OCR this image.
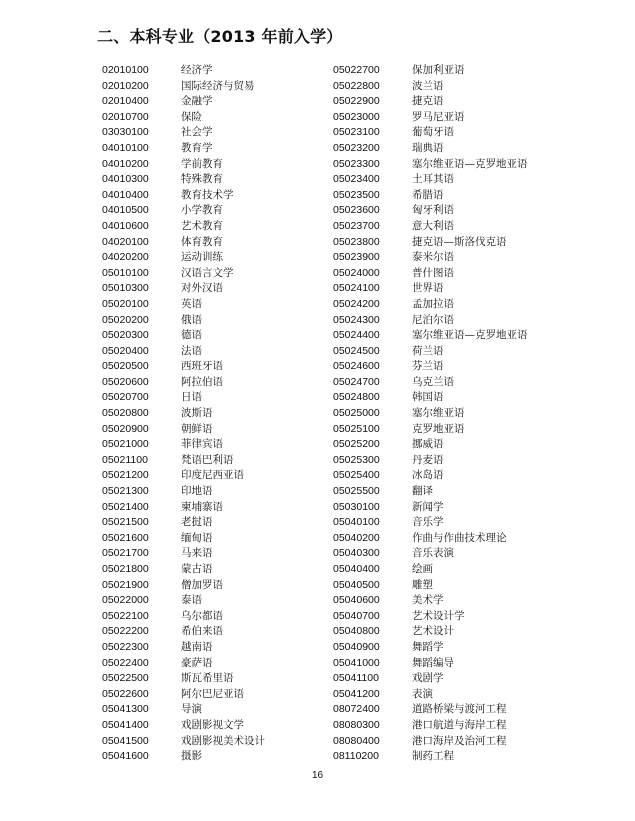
二、本科专业（2013 年前入学）
02010100	经济学
02010200	国际经济与贸易
02010400	金融学
02010700	保险
03030100	社会学
04010100	教育学
04010200	学前教育
04010300	特殊教育
04010400	教育技术学
04010500	小学教育
04010600	艺术教育
04020100	体育教育
04020200	运动训练
05010100	汉语言文学
05010300	对外汉语
05020100	英语
05020200	俄语
05020300	德语
05020400	法语
05020500	西班牙语
05020600	阿拉伯语
05020700	日语
05020800	波斯语
05020900	朝鲜语
05021000	菲律宾语
05021100	梵语巴利语
05021200	印度尼西亚语
05021300	印地语
05021400	柬埔寨语
05021500	老挝语
05021600	缅甸语
05021700	马来语
05021800	蒙古语
05021900	僧加罗语
05022000	泰语
05022100	乌尔都语
05022200	希伯来语
05022300	越南语
05022400	豪萨语
05022500	斯瓦希里语
05022600	阿尔巴尼亚语
05041300	导演
05041400	戏剧影视文学
05041500	戏剧影视美术设计
05041600	摄影
05022700	保加利亚语
05022800	波兰语
05022900	捷克语
05023000	罗马尼亚语
05023100	葡萄牙语
05023200	瑞典语
05023300	塞尔维亚语—克罗地亚语
05023400	土耳其语
05023500	希腊语
05023600	匈牙利语
05023700	意大利语
05023800	捷克语—斯洛伐克语
05023900	泰米尔语
05024000	普什图语
05024100	世界语
05024200	孟加拉语
05024300	尼泊尔语
05024400	塞尔维亚语—克罗地亚语
05024500	荷兰语
05024600	芬兰语
05024700	乌克兰语
05024800	韩国语
05025000	塞尔维亚语
05025100	克罗地亚语
05025200	挪威语
05025300	丹麦语
05025400	冰岛语
05025500	翻译
05030100	新闻学
05040100	音乐学
05040200	作曲与作曲技术理论
05040300	音乐表演
05040400	绘画
05040500	雕塑
05040600	美术学
05040700	艺术设计学
05040800	艺术设计
05040900	舞蹈学
05041000	舞蹈编导
05041100	戏剧学
05041200	表演
08072400	道路桥梁与渡河工程
08080300	港口航道与海岸工程
08080400	港口海岸及治河工程
08110200	制药工程
16
